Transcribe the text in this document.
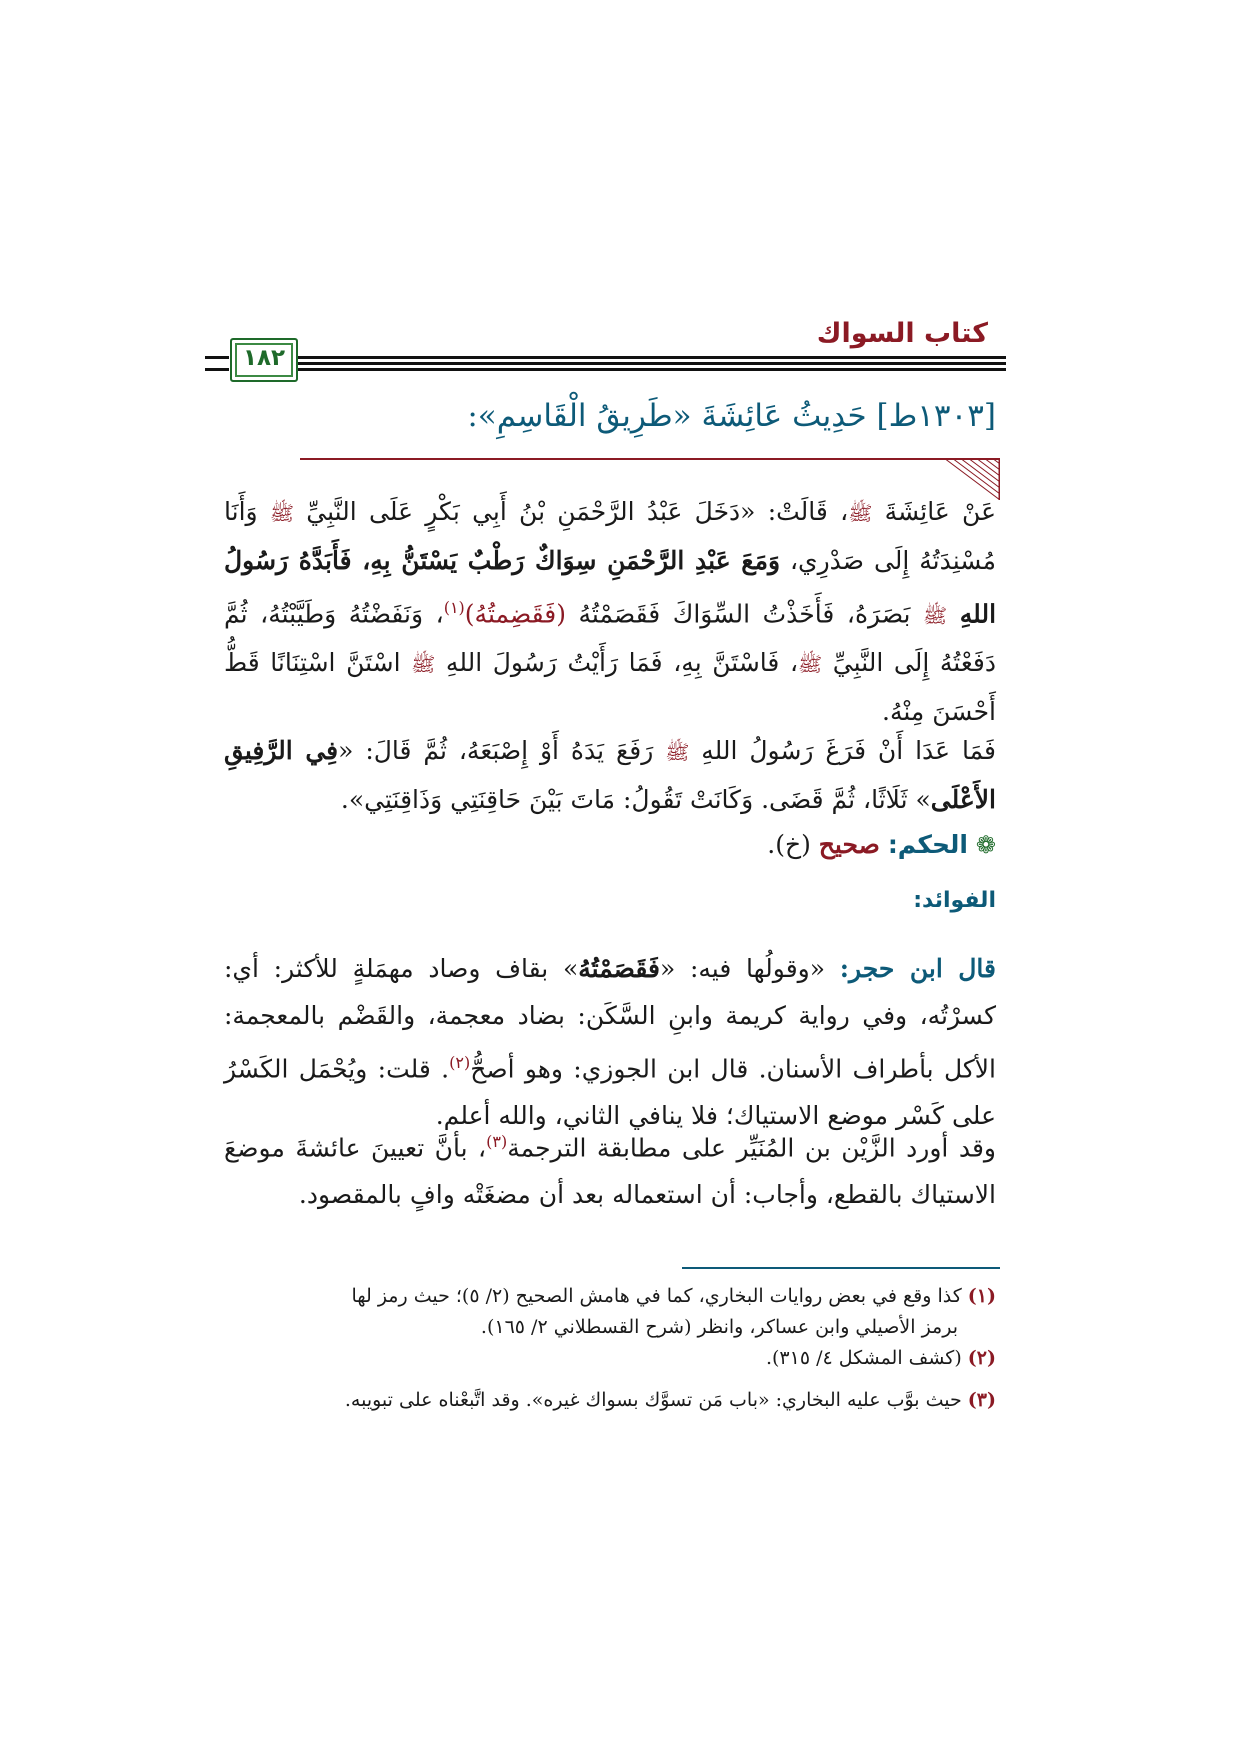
كتاب السواك
١٨٢
[١٣٠٣ط] حَدِيثُ عَائِشَةَ «طَرِيقُ الْقَاسِمِ»:
عَنْ عَائِشَةَ ﷺ، قَالَتْ: «دَخَلَ عَبْدُ الرَّحْمَنِ بْنُ أَبِي بَكْرٍ عَلَى النَّبِيِّ ﷺ وَأَنَا مُسْنِدَتُهُ إِلَى صَدْرِي، وَمَعَ عَبْدِ الرَّحْمَنِ سِوَاكٌ رَطْبٌ يَسْتَنُّ بِهِ، فَأَبَدَّهُ رَسُولُ اللهِ ﷺ بَصَرَهُ، فَأَخَذْتُ السِّوَاكَ فَقَصَمْتُهُ (فَقَضِمتُهُ)$^{(١)}$، وَنَفَضْتُهُ وَطَيَّبْتُهُ، ثُمَّ دَفَعْتُهُ إِلَى النَّبِيِّ ﷺ، فَاسْتَنَّ بِهِ، فَمَا رَأَيْتُ رَسُولَ اللهِ ﷺ اسْتَنَّ اسْتِنَانًا قَطُّ أَحْسَنَ مِنْهُ.
فَمَا عَدَا أَنْ فَرَغَ رَسُولُ اللهِ ﷺ رَفَعَ يَدَهُ أَوْ إِصْبَعَهُ، ثُمَّ قَالَ: «فِي الرَّفِيقِ الأَعْلَى» ثَلَاثًا، ثُمَّ قَضَى. وَكَانَتْ تَقُولُ: مَاتَ بَيْنَ حَاقِنَتِي وَذَاقِنَتِي».
❁ الحكم: صحيح (خ).
الفوائد:
قال ابن حجر: «وقولُها فيه: «فَقَصَمْتُهُ» بقاف وصاد مهمَلةٍ للأكثر: أي: كسرْتُه، وفي رواية كريمة وابنِ السَّكَن: بضاد معجمة، والقَضْم بالمعجمة: الأكل بأطراف الأسنان. قال ابن الجوزي: وهو أصحُّ$^{(٢)}$. قلت: ويُحْمَل الكَسْرُ على كَسْر موضع الاستياك؛ فلا ينافي الثاني، والله أعلم.
وقد أورد الزَّيْن بن المُنَيِّر على مطابقة الترجمة$^{(٣)}$، بأنَّ تعيينَ عائشةَ موضعَ الاستياك بالقطع، وأجاب: أن استعماله بعد أن مضغَتْه وافٍ بالمقصود.
(١) كذا وقع في بعض روايات البخاري، كما في هامش الصحيح (٢/ ٥)؛ حيث رمز لها
برمز الأصيلي وابن عساكر، وانظر (شرح القسطلاني ٢/ ١٦٥).
(٢) (كشف المشكل ٤/ ٣١٥).
(٣) حيث بوَّب عليه البخاري: «باب مَن تسوَّك بسواك غيره». وقد اتَّبعْناه على تبويبه.
